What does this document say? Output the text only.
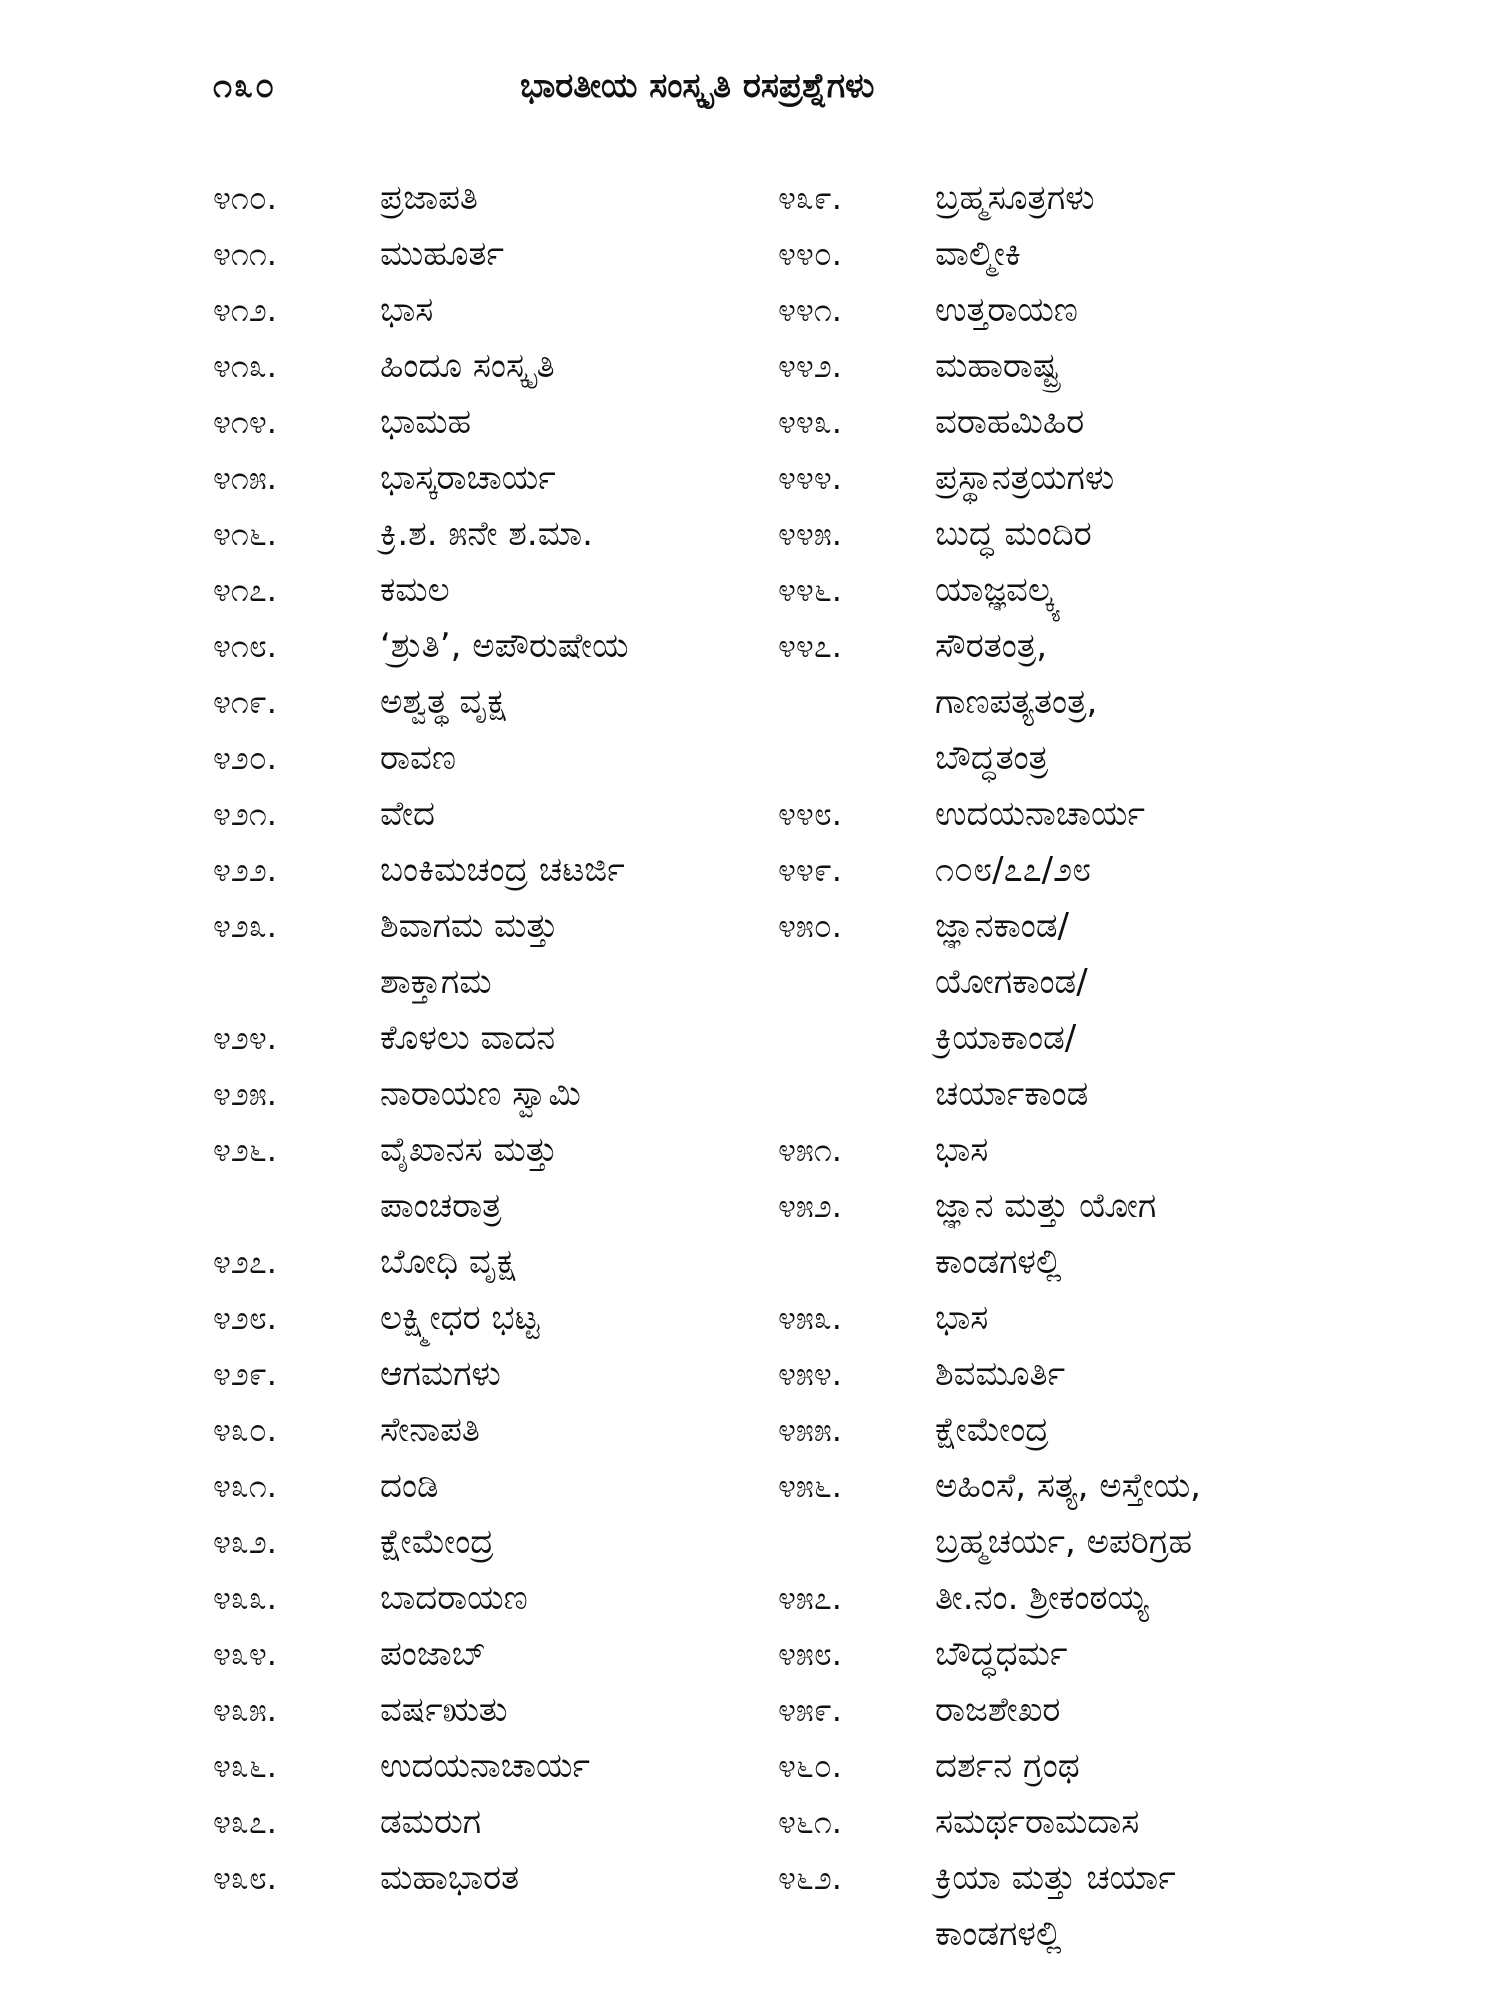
೧೩೦	ಭಾರತೀಯ ಸಂಸ್ಕೃತಿ ರಸಪ್ರಶ್ನೆಗಳು
೪೧೦.	ಪ್ರಜಾಪತಿ
೪೧೧.	ಮುಹೂರ್ತ
೪೧೨.	ಭಾಸ
೪೧೩.	ಹಿಂದೂ ಸಂಸ್ಕೃತಿ
೪೧೪.	ಭಾಮಹ
೪೧೫.	ಭಾಸ್ಕರಾಚಾರ್ಯ
೪೧೬.	ಕ್ರಿ.ಶ. ೫ನೇ ಶ.ಮಾ.
೪೧೭.	ಕಮಲ
೪೧೮.	‘ಶ್ರುತಿ’, ಅಪೌರುಷೇಯ
೪೧೯.	ಅಶ್ವತ್ಥ ವೃಕ್ಷ
೪೨೦.	ರಾವಣ
೪೨೧.	ವೇದ
೪೨೨.	ಬಂಕಿಮಚಂದ್ರ ಚಟರ್ಜಿ
೪೨೩.	ಶಿವಾಗಮ ಮತ್ತು
ಶಾಕ್ತಾಗಮ
೪೨೪.	ಕೊಳಲು ವಾದನ
೪೨೫.	ನಾರಾಯಣ ಸ್ವಾಮಿ
೪೨೬.	ವೈಖಾನಸ ಮತ್ತು
ಪಾಂಚರಾತ್ರ
೪೨೭.	ಬೋಧಿ ವೃಕ್ಷ
೪೨೮.	ಲಕ್ಷ್ಮೀಧರ ಭಟ್ಟ
೪೨೯.	ಆಗಮಗಳು
೪೩೦.	ಸೇನಾಪತಿ
೪೩೧.	ದಂಡಿ
೪೩೨.	ಕ್ಷೇಮೇಂದ್ರ
೪೩೩.	ಬಾದರಾಯಣ
೪೩೪.	ಪಂಜಾಬ್
೪೩೫.	ವರ್ಷಋತು
೪೩೬.	ಉದಯನಾಚಾರ್ಯ
೪೩೭.	ಡಮರುಗ
೪೩೮.	ಮಹಾಭಾರತ
೪೩೯.	ಬ್ರಹ್ಮಸೂತ್ರಗಳು
೪೪೦.	ವಾಲ್ಮೀಕಿ
೪೪೧.	ಉತ್ತರಾಯಣ
೪೪೨.	ಮಹಾರಾಷ್ಟ್ರ
೪೪೩.	ವರಾಹಮಿಹಿರ
೪೪೪.	ಪ್ರಸ್ಥಾನತ್ರಯಗಳು
೪೪೫.	ಬುದ್ಧ ಮಂದಿರ
೪೪೬.	ಯಾಜ್ಞವಲ್ಕ್ಯ
೪೪೭.	ಸೌರತಂತ್ರ,
ಗಾಣಪತ್ಯತಂತ್ರ,
ಬೌದ್ಧತಂತ್ರ
೪೪೮.	ಉದಯನಾಚಾರ್ಯ
೪೪೯.	೧೦೮/೭೭/೨೮
೪೫೦.	ಜ್ಞಾನಕಾಂಡ/
ಯೋಗಕಾಂಡ/
ಕ್ರಿಯಾಕಾಂಡ/
ಚರ್ಯಾಕಾಂಡ
೪೫೧.	ಭಾಸ
೪೫೨.	ಜ್ಞಾನ ಮತ್ತು ಯೋಗ
ಕಾಂಡಗಳಲ್ಲಿ
೪೫೩.	ಭಾಸ
೪೫೪.	ಶಿವಮೂರ್ತಿ
೪೫೫.	ಕ್ಷೇಮೇಂದ್ರ
೪೫೬.	ಅಹಿಂಸೆ, ಸತ್ಯ, ಅಸ್ತೇಯ,
ಬ್ರಹ್ಮಚರ್ಯ, ಅಪರಿಗ್ರಹ
೪೫೭.	ತೀ.ನಂ. ಶ್ರೀಕಂಠಯ್ಯ
೪೫೮.	ಬೌದ್ಧಧರ್ಮ
೪೫೯.	ರಾಜಶೇಖರ
೪೬೦.	ದರ್ಶನ ಗ್ರಂಥ
೪೬೧.	ಸಮರ್ಥರಾಮದಾಸ
೪೬೨.	ಕ್ರಿಯಾ ಮತ್ತು ಚರ್ಯಾ
ಕಾಂಡಗಳಲ್ಲಿ
